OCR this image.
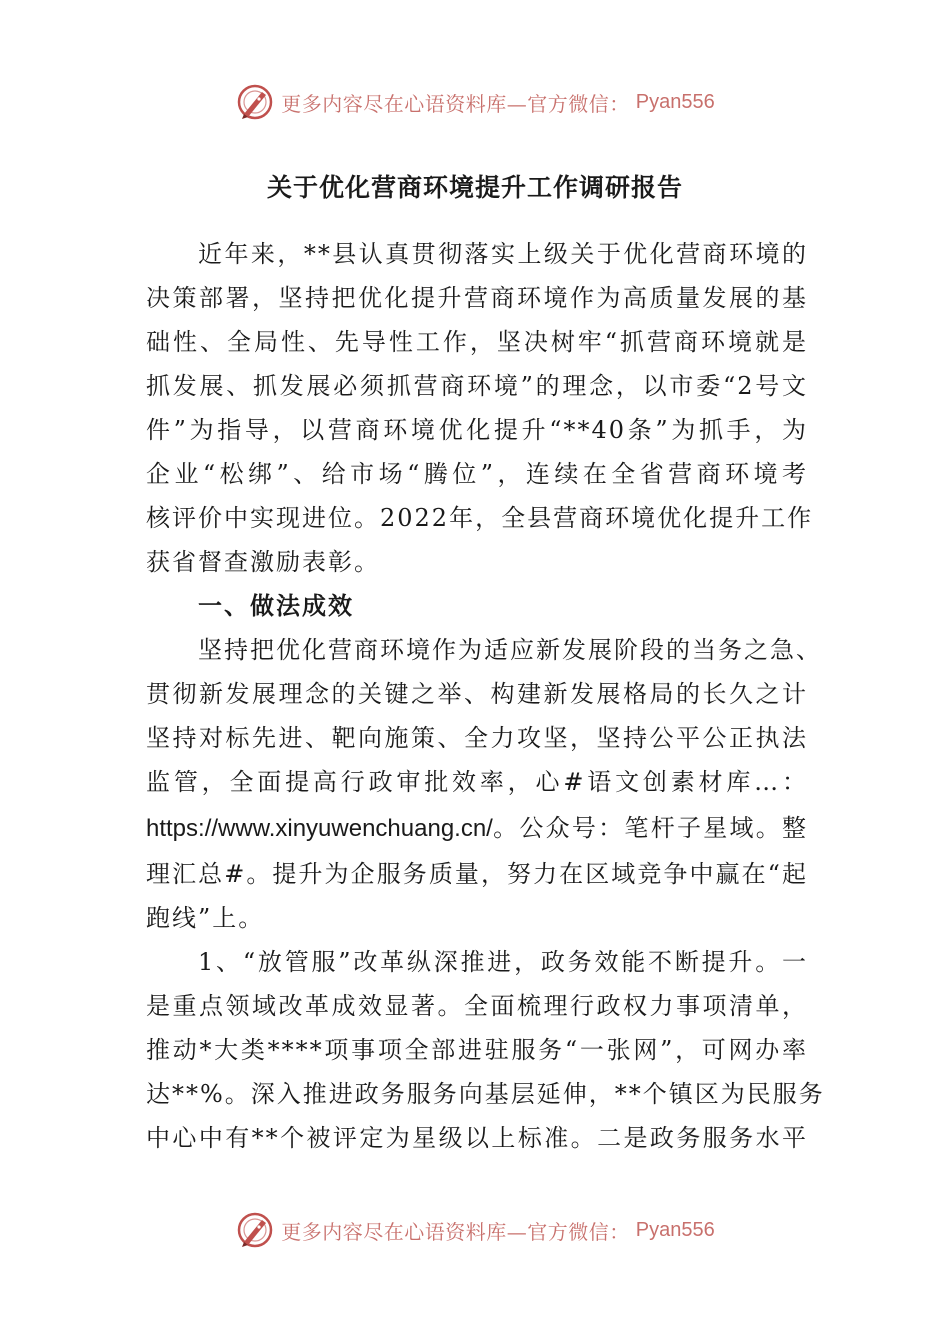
更多内容尽在心语资料库—官方微信： Pyan556
关于优化营商环境提升工作调研报告
近年来，**县认真贯彻落实上级关于优化营商环境的
决策部署，坚持把优化提升营商环境作为高质量发展的基
础性、全局性、先导性工作，坚决树牢“抓营商环境就是
抓发展、抓发展必须抓营商环境”的理念，以市委“2号文
件”为指导，以营商环境优化提升“**40条”为抓手，为
企业“松绑”、给市场“腾位”，连续在全省营商环境考
核评价中实现进位。2022年，全县营商环境优化提升工作
获省督查激励表彰。
一、做法成效
坚持把优化营商环境作为适应新发展阶段的当务之急、
贯彻新发展理念的关键之举、构建新发展格局的长久之计
坚持对标先进、靶向施策、全力攻坚，坚持公平公正执法
监管，全面提高行政审批效率，心#语文创素材库…：
https://www.xinyuwenchuang.cn/。公众号：笔杆子星域。整
理汇总#。提升为企服务质量，努力在区域竞争中赢在“起
跑线”上。
1、“放管服”改革纵深推进，政务效能不断提升。一
是重点领域改革成效显著。全面梳理行政权力事项清单，
推动*大类****项事项全部进驻服务“一张网”，可网办率
达**%。深入推进政务服务向基层延伸，**个镇区为民服务
中心中有**个被评定为星级以上标准。二是政务服务水平
更多内容尽在心语资料库—官方微信： Pyan556
